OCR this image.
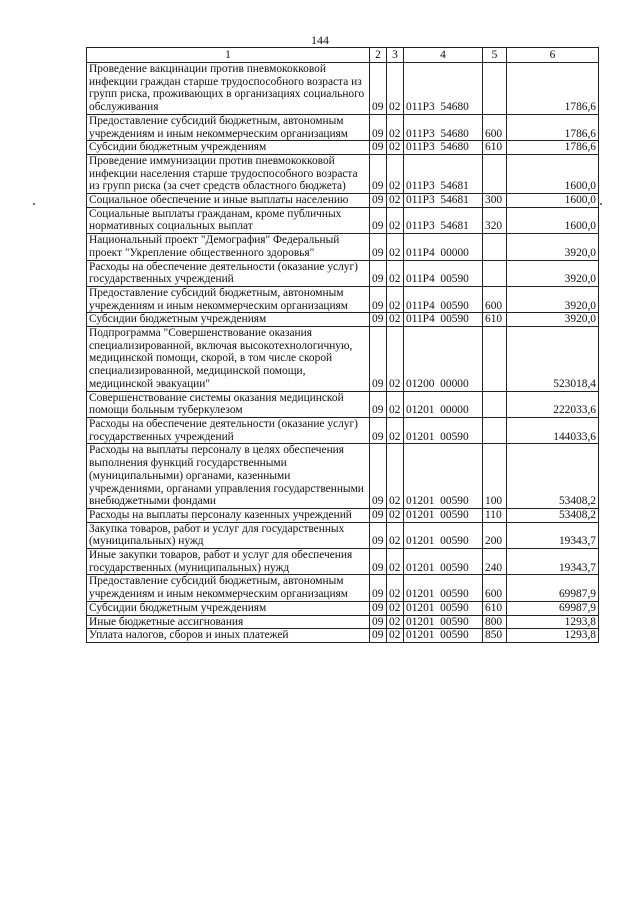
144
1	2	3	4	5	6
Проведение вакцинации против пневмококковой инфекции граждан старше трудоспособного возраста из групп риска, проживающих в организациях социального обслуживания	09	02	011Р3  54680		1786,6
Предоставление субсидий бюджетным, автономным учреждениям и иным некоммерческим организациям	09	02	011Р3  54680	600	1786,6
Субсидии бюджетным учреждениям	09	02	011Р3  54680	610	1786,6
Проведение иммунизации против пневмококковой инфекции населения старше трудоспособного возраста из групп риска (за счет средств областного бюджета)	09	02	011Р3  54681		1600,0
Социальное обеспечение и иные выплаты населению	09	02	011Р3  54681	300	1600,0
Социальные выплаты гражданам, кроме публичных нормативных социальных выплат	09	02	011Р3  54681	320	1600,0
Национальный проект "Демография" Федеральный проект "Укрепление общественного здоровья"	09	02	011Р4  00000		3920,0
Расходы на обеспечение деятельности (оказание услуг) государственных учреждений	09	02	011Р4  00590		3920,0
Предоставление субсидий бюджетным, автономным учреждениям и иным некоммерческим организациям	09	02	011Р4  00590	600	3920,0
Субсидии бюджетным учреждениям	09	02	011Р4  00590	610	3920,0
Подпрограмма "Совершенствование оказания специализированной, включая высокотехнологичную, медицинской помощи, скорой, в том числе скорой специализированной, медицинской помощи, медицинской эвакуации"	09	02	01200  00000		523018,4
Совершенствование системы оказания медицинской помощи больным туберкулезом	09	02	01201  00000		222033,6
Расходы на обеспечение деятельности (оказание услуг) государственных учреждений	09	02	01201  00590		144033,6
Расходы на выплаты персоналу в целях обеспечения выполнения функций государственными (муниципальными) органами, казенными учреждениями, органами управления государственными внебюджетными фондами	09	02	01201  00590	100	53408,2
Расходы на выплаты персоналу казенных учреждений	09	02	01201  00590	110	53408,2
Закупка товаров, работ и услуг для государственных (муниципальных) нужд	09	02	01201  00590	200	19343,7
Иные закупки товаров, работ и услуг для обеспечения государственных (муниципальных) нужд	09	02	01201  00590	240	19343,7
Предоставление субсидий бюджетным, автономным учреждениям и иным некоммерческим организациям	09	02	01201  00590	600	69987,9
Субсидии бюджетным учреждениям	09	02	01201  00590	610	69987,9
Иные бюджетные ассигнования	09	02	01201  00590	800	1293,8
Уплата налогов, сборов и иных платежей	09	02	01201  00590	850	1293,8
